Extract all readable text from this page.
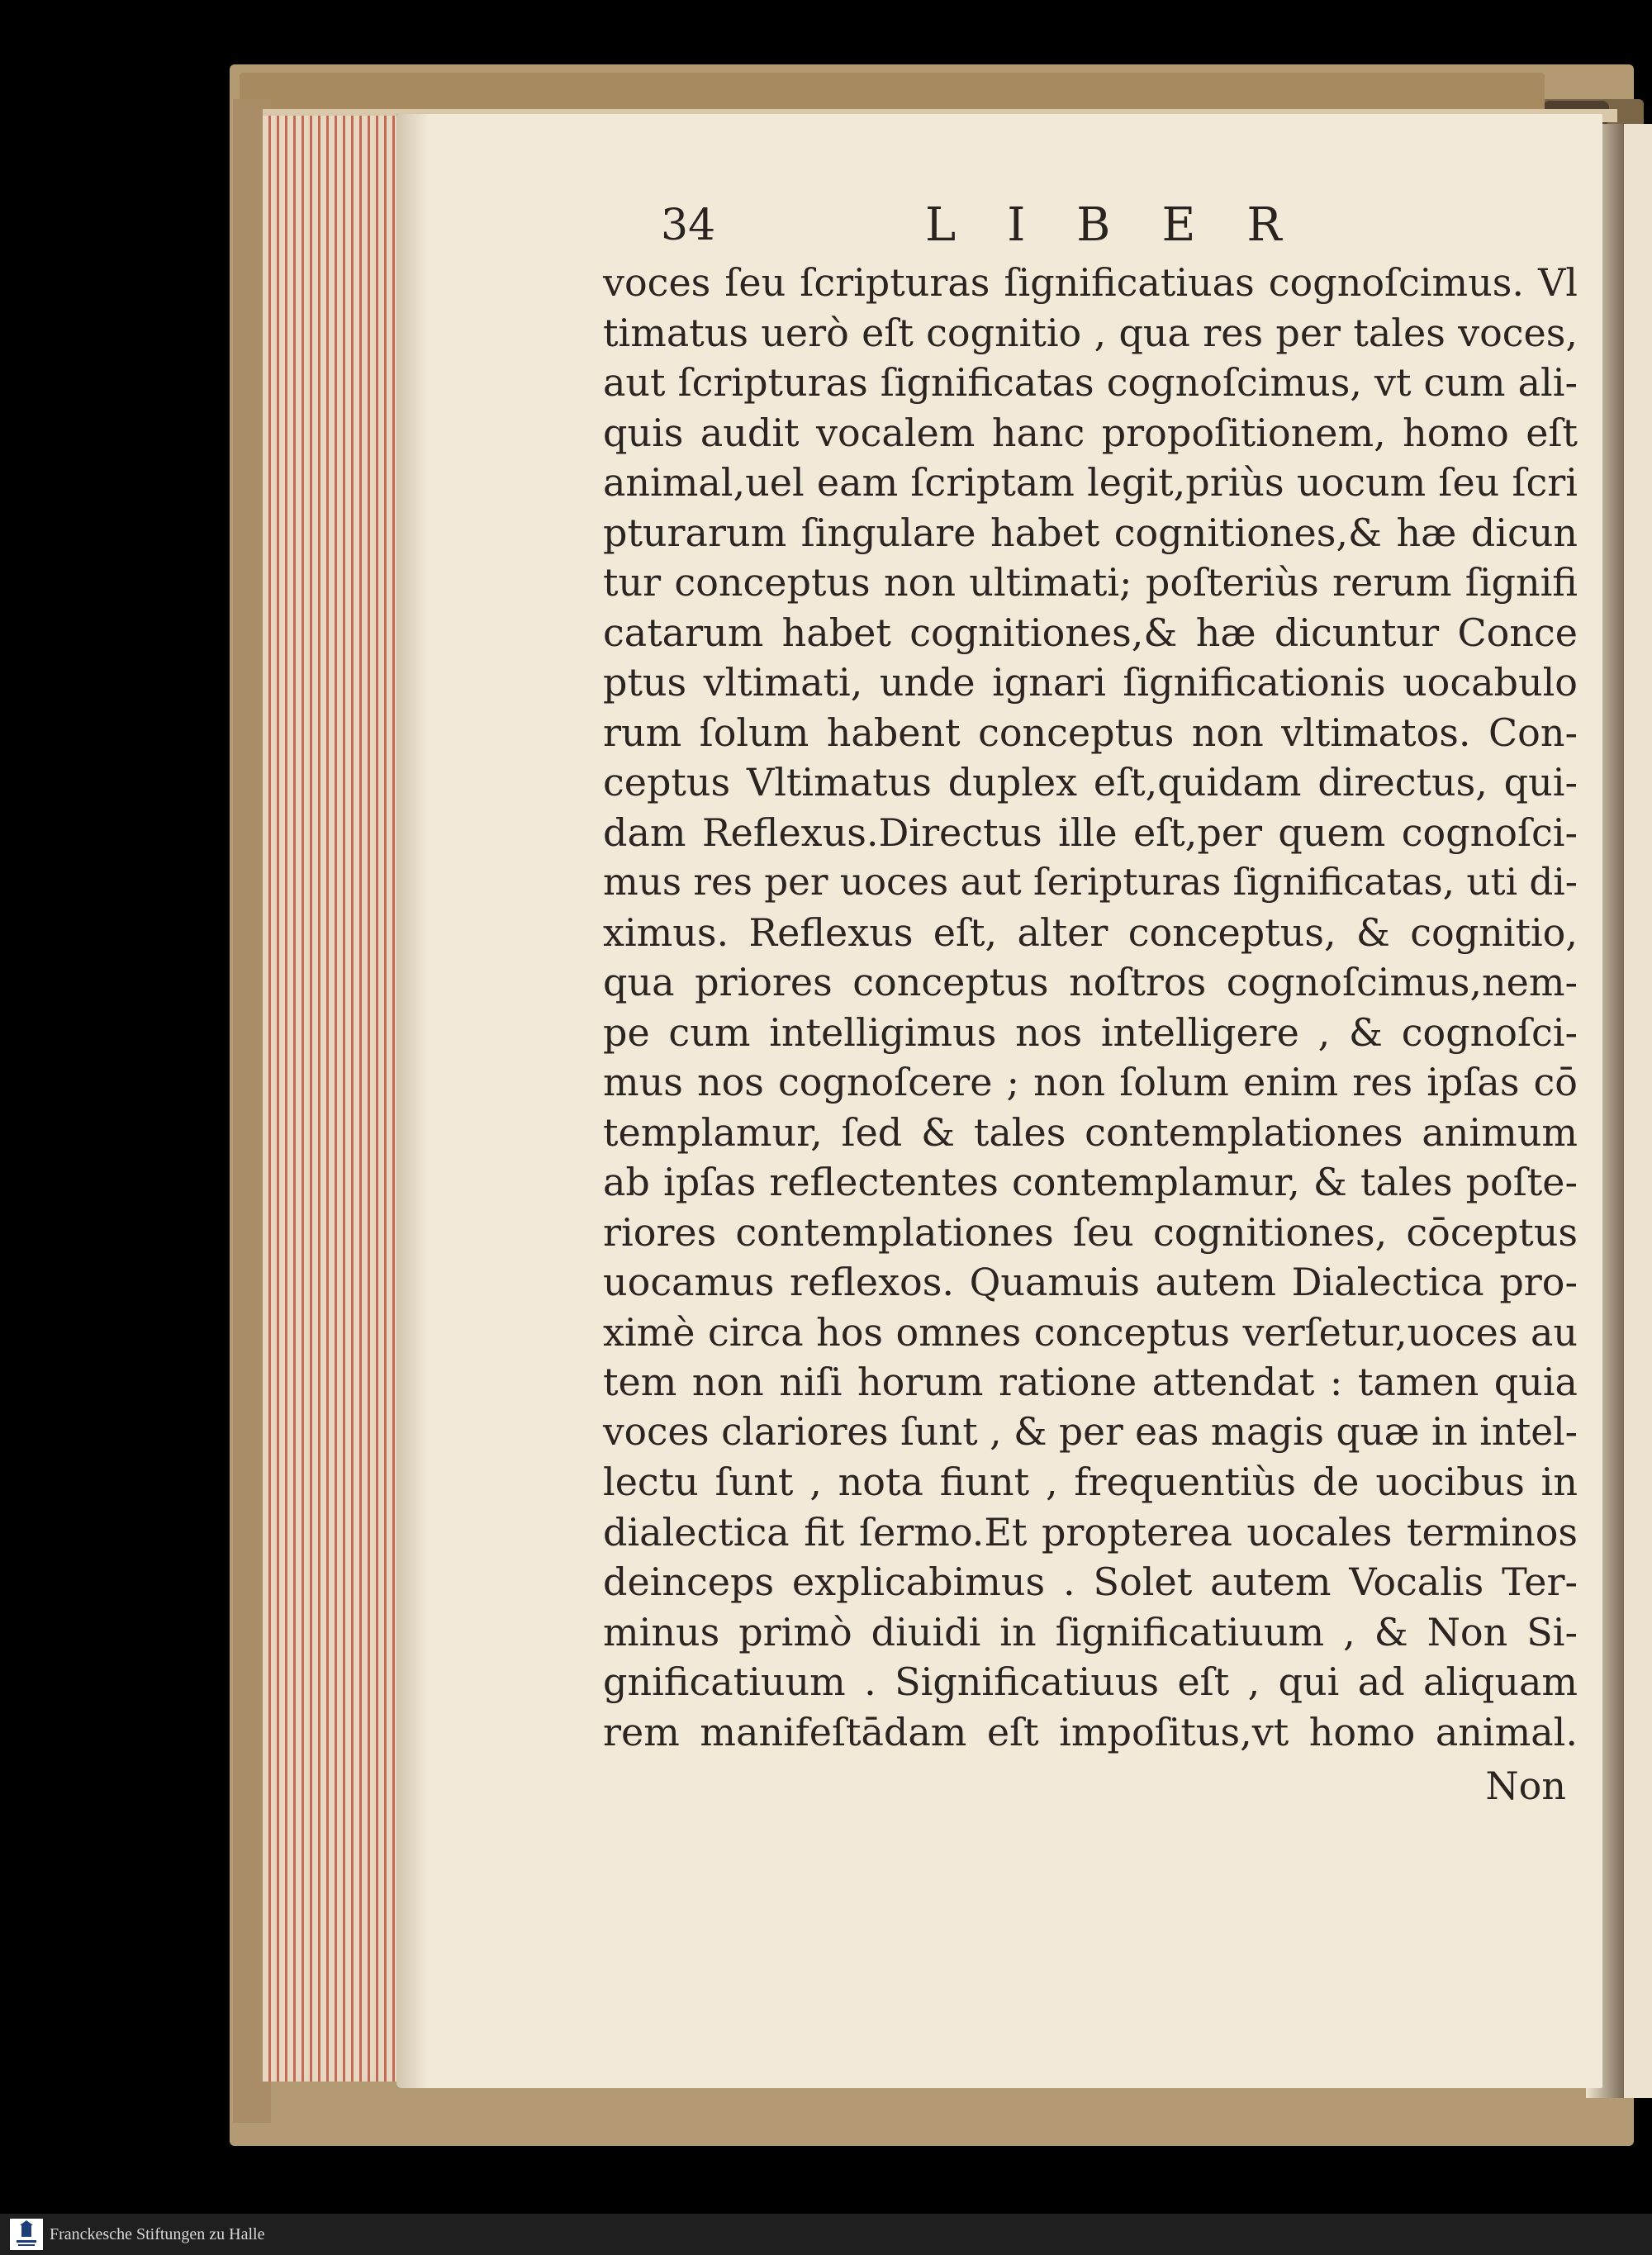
34	LIBER
voces ſeu ſcripturas ſignificatiuas cognoſcimus. Vl
timatus uerò eſt cognitio , qua res per tales voces,
aut ſcripturas ſignificatas cognoſcimus, vt cum ali-
quis audit vocalem hanc propoſitionem, homo eſt
animal,uel eam ſcriptam legit,priùs uocum ſeu ſcri
pturarum ſingulare habet cognitiones,& hæ dicun
tur conceptus non ultimati; poſteriùs rerum ſignifi
catarum habet cognitiones,& hæ dicuntur Conce
ptus vltimati, unde ignari ſignificationis uocabulo
rum ſolum habent conceptus non vltimatos. Con-
ceptus Vltimatus duplex eſt,quidam directus, qui-
dam Reflexus.Directus ille eſt,per quem cognoſci-
mus res per uoces aut ſeripturas ſignificatas, uti di-
ximus. Reflexus eſt, alter conceptus, & cognitio,
qua priores conceptus noſtros cognoſcimus,nem-
pe cum intelligimus nos intelligere , & cognoſci-
mus nos cognoſcere ; non ſolum enim res ipſas cō
templamur, ſed & tales contemplationes animum
ab ipſas reflectentes contemplamur, & tales poſte-
riores contemplationes ſeu cognitiones, cōceptus
uocamus reflexos. Quamuis autem Dialectica pro-
ximè circa hos omnes conceptus verſetur,uoces au
tem non niſi horum ratione attendat : tamen quia
voces clariores ſunt , & per eas magis quæ in intel-
lectu ſunt , nota fiunt , frequentiùs de uocibus in
dialectica fit ſermo.Et propterea uocales terminos
deinceps explicabimus . Solet autem Vocalis Ter-
minus primò diuidi in ſignificatiuum , & Non Si-
gnificatiuum . Significatiuus eſt , qui ad aliquam
rem manifeſtādam eſt impoſitus,vt homo animal.
Non
Franckesche Stiftungen zu Halle
